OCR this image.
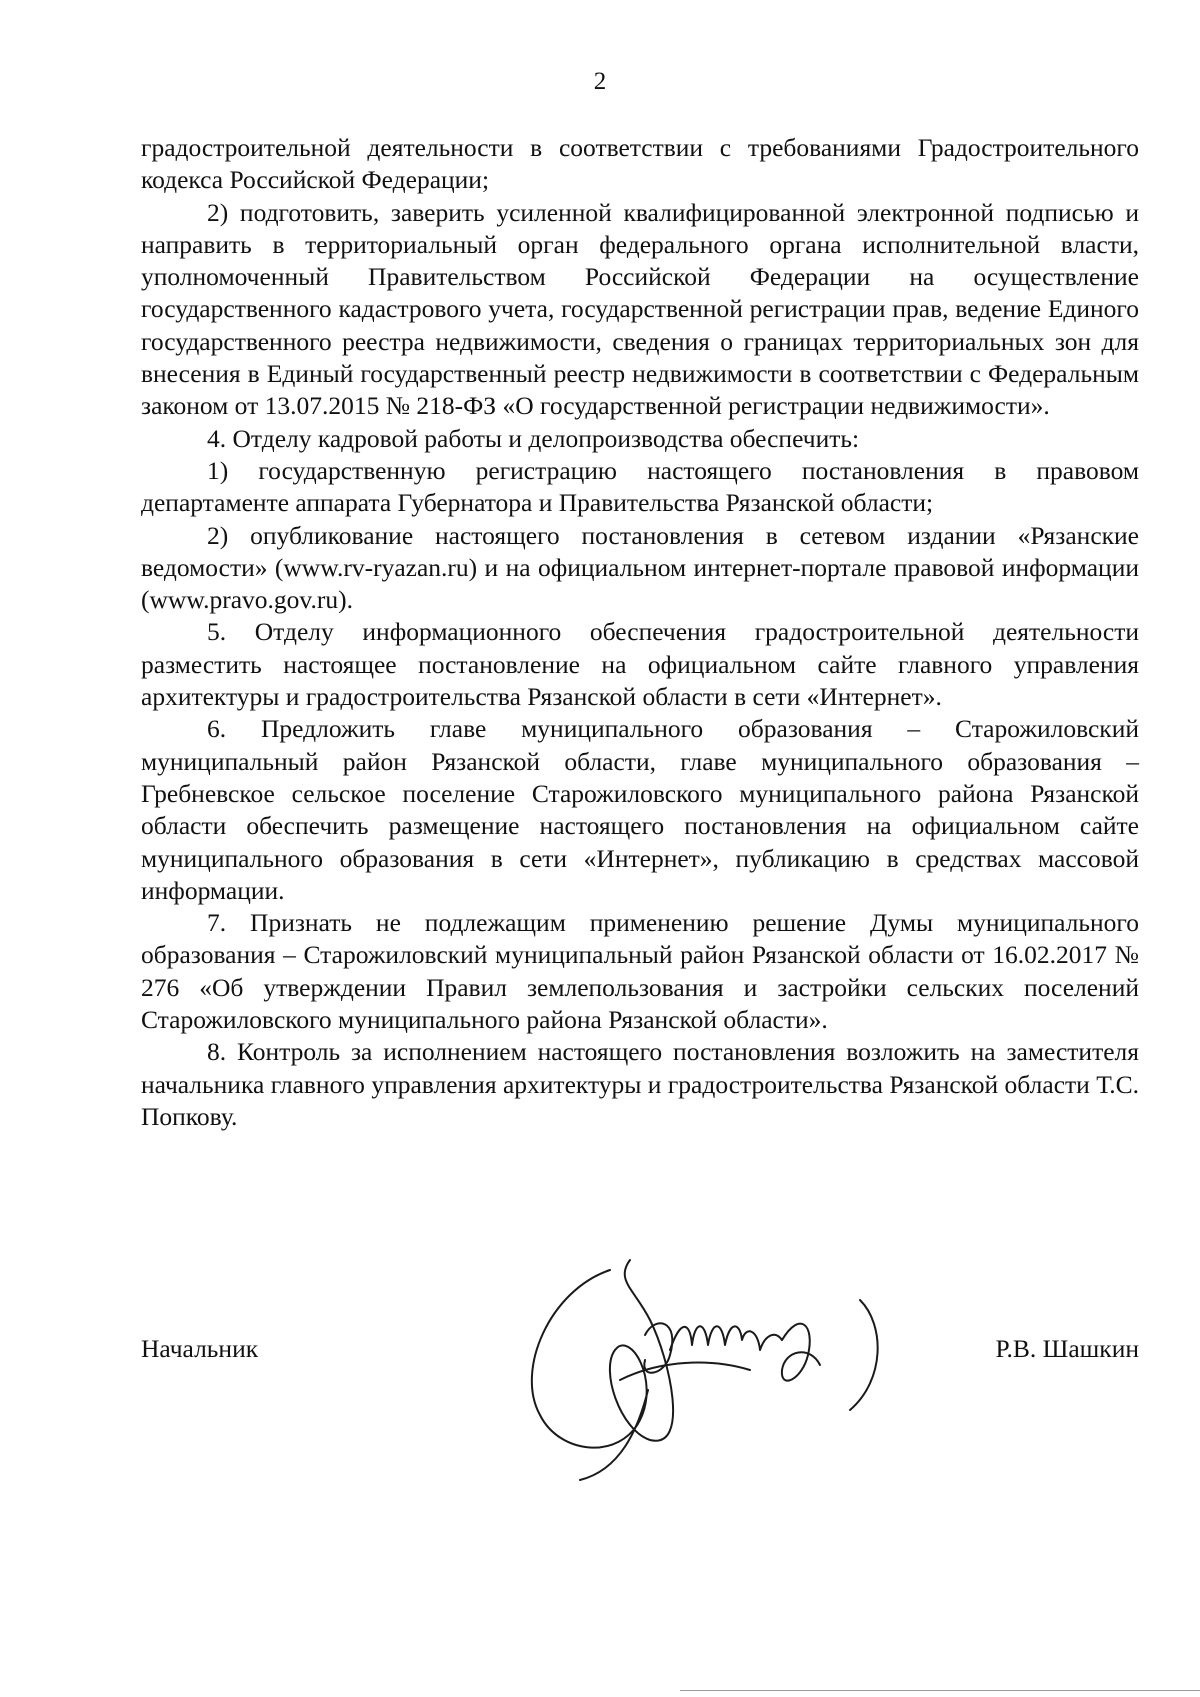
2

градостроительной деятельности в соответствии с требованиями Градостроительного кодекса Российской Федерации;

2) подготовить, заверить усиленной квалифицированной электронной подписью и направить в территориальный орган федерального органа исполнительной власти, уполномоченный Правительством Российской Федерации на осуществление государственного кадастрового учета, государственной регистрации прав, ведение Единого государственного реестра недвижимости, сведения о границах территориальных зон для внесения в Единый государственный реестр недвижимости в соответствии с Федеральным законом от 13.07.2015 № 218-ФЗ «О государственной регистрации недвижимости».

4. Отделу кадровой работы и делопроизводства обеспечить:

1) государственную регистрацию настоящего постановления в правовом департаменте аппарата Губернатора и Правительства Рязанской области;

2) опубликование настоящего постановления в сетевом издании «Рязанские ведомости» (www.rv-ryazan.ru) и на официальном интернет-портале правовой информации (www.pravo.gov.ru).

5. Отделу информационного обеспечения градостроительной деятельности разместить настоящее постановление на официальном сайте главного управления архитектуры и градостроительства Рязанской области в сети «Интернет».

6. Предложить главе муниципального образования – Старожиловский муниципальный район Рязанской области, главе муниципального образования – Гребневское сельское поселение Старожиловского муниципального района Рязанской области обеспечить размещение настоящего постановления на официальном сайте муниципального образования в сети «Интернет», публикацию в средствах массовой информации.

7. Признать не подлежащим применению решение Думы муниципального образования – Старожиловский муниципальный район Рязанской области от 16.02.2017 № 276 «Об утверждении Правил землепользования и застройки сельских поселений Старожиловского муниципального района Рязанской области».

8. Контроль за исполнением настоящего постановления возложить на заместителя начальника главного управления архитектуры и градостроительства Рязанской области Т.С. Попкову.

Начальник	Р.В. Шашкин
